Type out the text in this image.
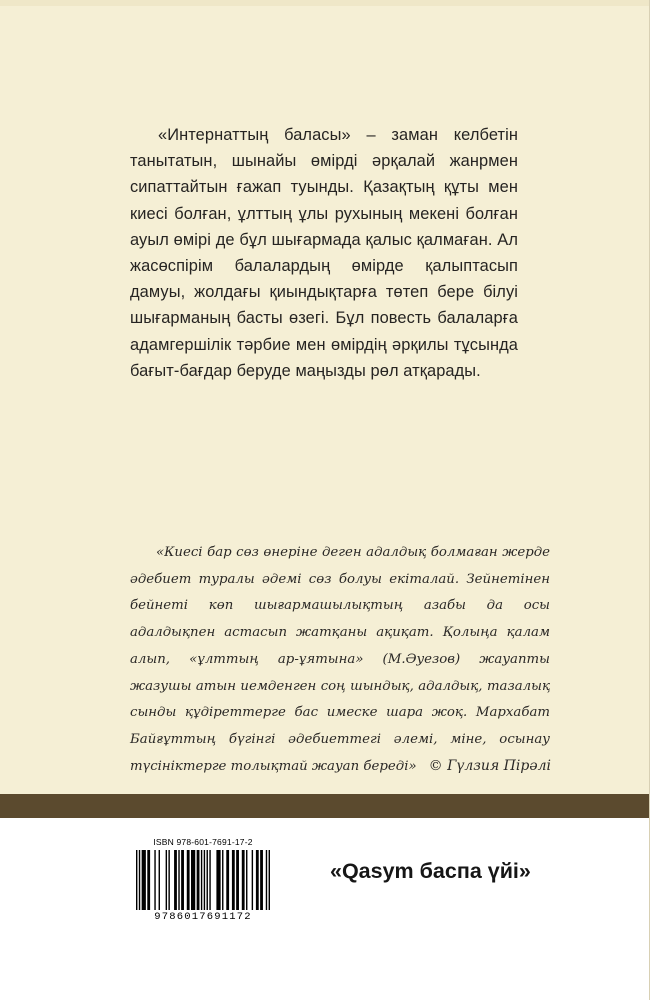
«Интернаттың баласы» – заман келбетін танытатын, шынайы өмірді әрқалай жанрмен сипаттайтын ғажап туынды. Қазақтың құты мен киесі болған, ұлттың ұлы рухының мекені болған ауыл өмірі де бұл шығармада қалыс қалмаған. Ал жасөспірім балалардың өмірде қалыптасып дамуы, жолдағы қиындықтарға төтеп бере білуі шығарманың басты өзегі. Бұл повесть балаларға адамгершілік тәрбие мен өмірдің әрқилы тұсында бағыт-бағдар беруде маңызды рөл атқарады.

«Киесі бар сөз өнеріне деген адалдық болмаған жерде әдебиет туралы әдемі сөз болуы екіталай. Зейнетінен бейнеті көп шығармашылықтың азабы да осы адалдықпен астасып жатқаны ақиқат. Қолыңа қалам алып, «ұлттың ар-ұятына» (М.Әуезов) жауапты жазушы атын иемденген соң шындық, адалдық, тазалық сынды құдіреттерге бас имеске шара жоқ. Мархабат Байғұттың бүгінгі әдебиеттегі әлемі, міне, осынау түсініктерге толықтай жауап береді» © Гүлзия Пірәлі
ISBN 978-601-7691-17-2
9786017691172
«Qasym баспа үйі»
